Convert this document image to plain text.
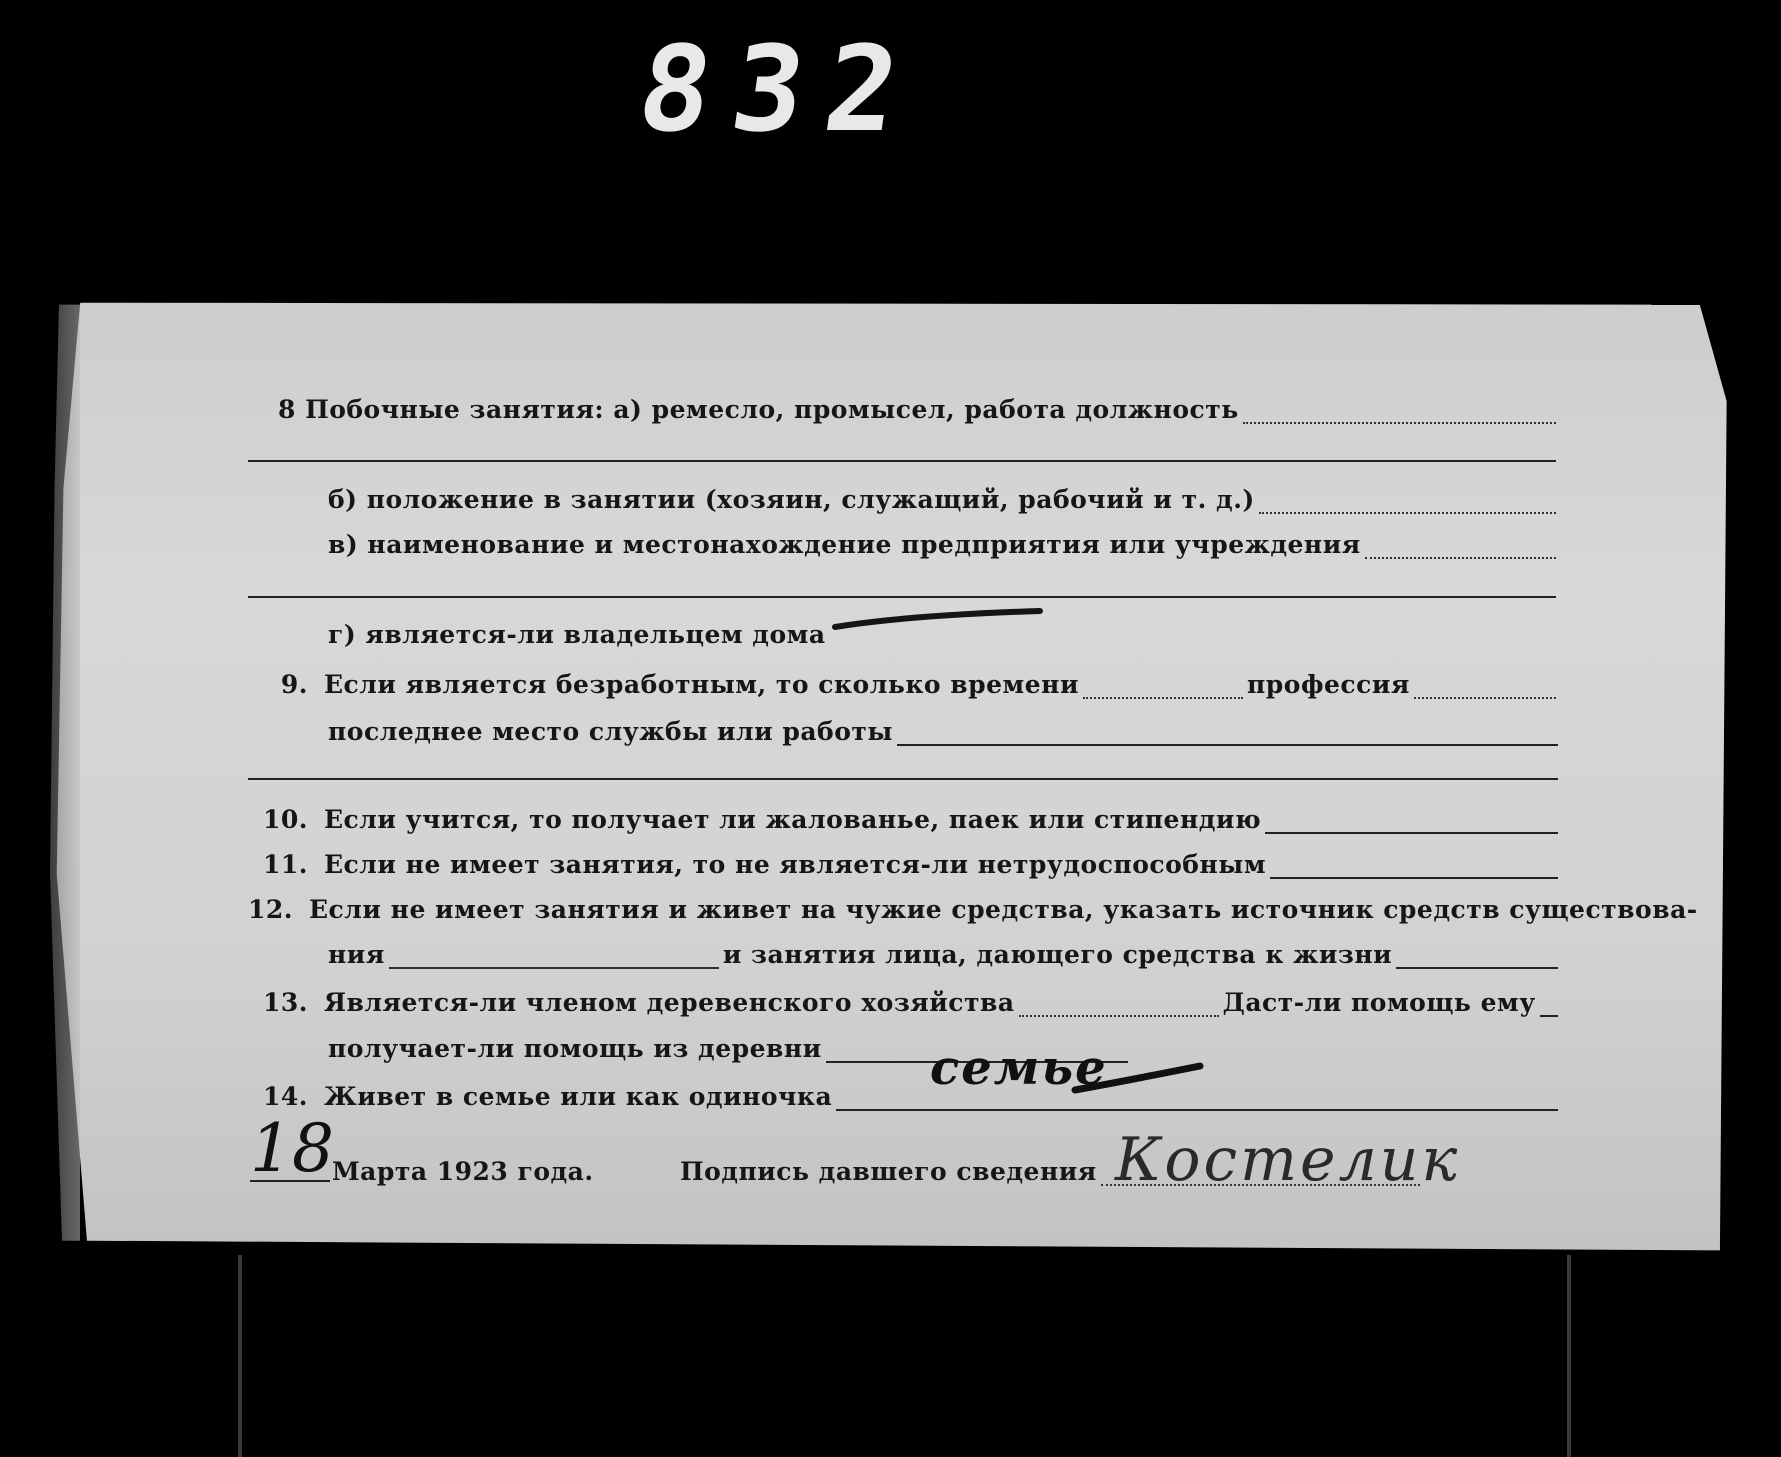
832
8 Побочные занятия: а) ремесло, промысел, работа должность
б) положение в занятии (хозяин, служащий, рабочий и т. д.)
в) наименование и местонахождение предприятия или учреждения
г) является-ли владельцем дома
9. Если является безработным, то сколько времени	профессия
последнее место службы или работы
10. Если учится, то получает ли жалованье, паек или стипендию
11. Если не имеет занятия, то не является-ли нетрудоспособным
12. Если не имеет занятия и живет на чужие средства, указать источник средств существова-
ния	и занятия лица, дающего средства к жизни
13. Является-ли членом деревенского хозяйства	Даст-ли помощь ему
получает-ли помощь из деревни
14. Живет в семье или как одиночка
семье
18
Марта 1923 года.	Подпись давшего сведения Костелик
